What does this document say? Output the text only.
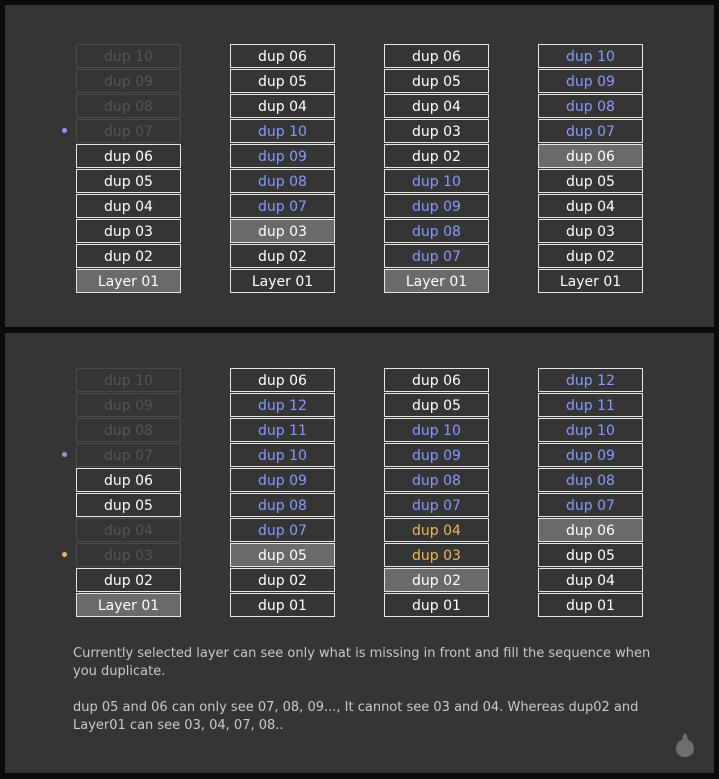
dup 10
dup 09
dup 08
dup 07
dup 06
dup 05
dup 04
dup 03
dup 02
Layer 01
dup 06
dup 05
dup 04
dup 10
dup 09
dup 08
dup 07
dup 03
dup 02
Layer 01
dup 06
dup 05
dup 04
dup 03
dup 02
dup 10
dup 09
dup 08
dup 07
Layer 01
dup 10
dup 09
dup 08
dup 07
dup 06
dup 05
dup 04
dup 03
dup 02
Layer 01
dup 10
dup 09
dup 08
dup 07
dup 06
dup 05
dup 04
dup 03
dup 02
Layer 01
dup 06
dup 12
dup 11
dup 10
dup 09
dup 08
dup 07
dup 05
dup 02
dup 01
dup 06
dup 05
dup 10
dup 09
dup 08
dup 07
dup 04
dup 03
dup 02
dup 01
dup 12
dup 11
dup 10
dup 09
dup 08
dup 07
dup 06
dup 05
dup 04
dup 01
Currently selected layer can see only what is missing in front and fill the sequence when you duplicate.
dup 05 and 06 can only see 07, 08, 09..., It cannot see 03 and 04. Whereas dup02 and Layer01 can see 03, 04, 07, 08..
